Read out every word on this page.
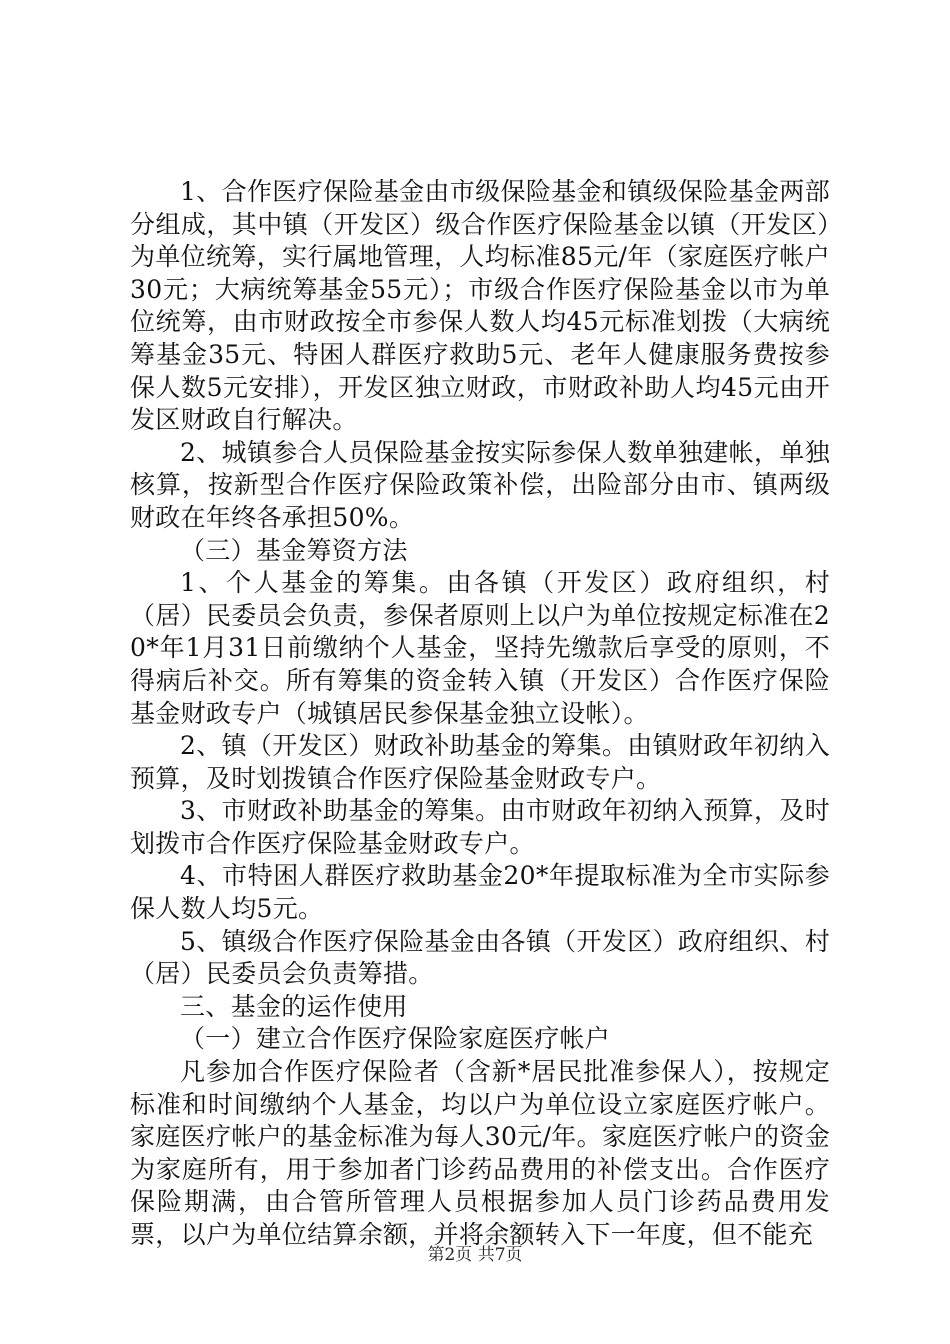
1、合作医疗保险基金由市级保险基金和镇级保险基金两部分组成，其中镇（开发区）级合作医疗保险基金以镇（开发区）为单位统筹，实行属地管理，人均标准85元/年（家庭医疗帐户30元；大病统筹基金55元）；市级合作医疗保险基金以市为单位统筹，由市财政按全市参保人数人均45元标准划拨（大病统筹基金35元、特困人群医疗救助5元、老年人健康服务费按参保人数5元安排），开发区独立财政，市财政补助人均45元由开发区财政自行解决。

2、城镇参合人员保险基金按实际参保人数单独建帐，单独核算，按新型合作医疗保险政策补偿，出险部分由市、镇两级财政在年终各承担50%。

（三）基金筹资方法

1、个人基金的筹集。由各镇（开发区）政府组织，村（居）民委员会负责，参保者原则上以户为单位按规定标准在20*年1月31日前缴纳个人基金，坚持先缴款后享受的原则，不得病后补交。所有筹集的资金转入镇（开发区）合作医疗保险基金财政专户（城镇居民参保基金独立设帐）。

2、镇（开发区）财政补助基金的筹集。由镇财政年初纳入预算，及时划拨镇合作医疗保险基金财政专户。

3、市财政补助基金的筹集。由市财政年初纳入预算，及时划拨市合作医疗保险基金财政专户。

4、市特困人群医疗救助基金20*年提取标准为全市实际参保人数人均5元。

5、镇级合作医疗保险基金由各镇（开发区）政府组织、村（居）民委员会负责筹措。

三、基金的运作使用

（一）建立合作医疗保险家庭医疗帐户

凡参加合作医疗保险者（含新*居民批准参保人），按规定标准和时间缴纳个人基金，均以户为单位设立家庭医疗帐户。家庭医疗帐户的基金标准为每人30元/年。家庭医疗帐户的资金为家庭所有，用于参加者门诊药品费用的补偿支出。合作医疗保险期满，由合管所管理人员根据参加人员门诊药品费用发票，以户为单位结算余额，并将余额转入下一年度，但不能充

第2页 共7页
